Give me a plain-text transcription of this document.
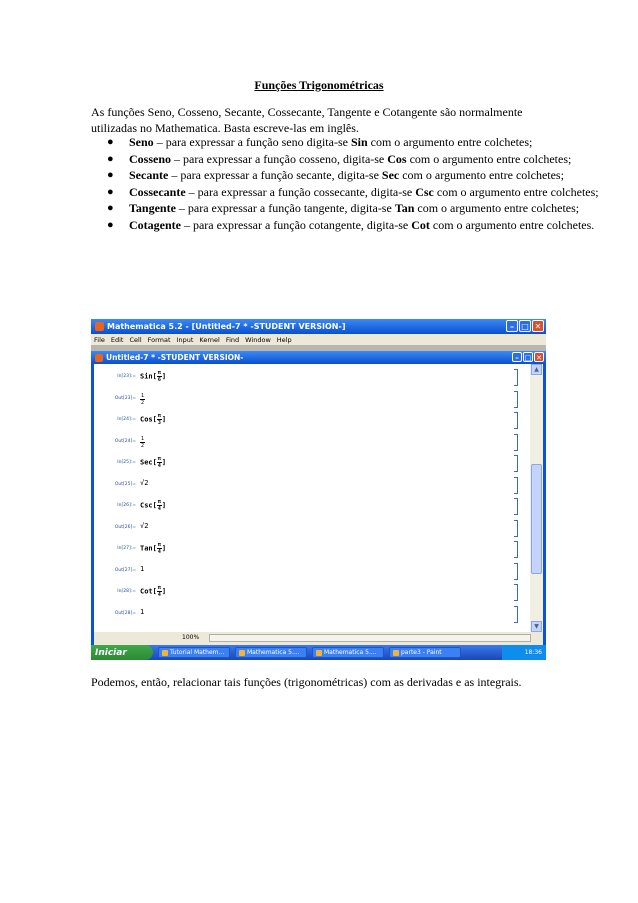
Funções Trigonométricas

As funções Seno, Cosseno, Secante, Cossecante, Tangente e Cotangente são normalmente utilizadas no Mathematica. Basta escreve-las em inglês.

● Seno – para expressar a função seno digita-se Sin com o argumento entre colchetes;
● Cosseno – para expressar a função cosseno, digita-se Cos com o argumento entre colchetes;
● Secante – para expressar a função secante, digita-se Sec com o argumento entre colchetes;
● Cossecante – para expressar a função cossecante, digita-se Csc com o argumento entre colchetes;
● Tangente – para expressar a função tangente, digita-se Tan com o argumento entre colchetes;
● Cotagente – para expressar a função cotangente, digita-se Cot com o argumento entre colchetes.
Mathematica 5.2 - [Untitled-7 * -STUDENT VERSION-]	– □ ✕
File Edit Cell Format Input Kernel Find Window Help
Untitled-7 * -STUDENT VERSION-	– □ ✕
In[23]:= $Sin[ \frac{\pi}{6}$ ]
$Out[23]= \frac{1}{2}$
In[24]:= $Cos[ \frac{\pi}{3}$ ]
$Out[24]= \frac{1}{2}$
In[25]:= $Sec[ \frac{\pi}{4}$ ]
Out[25]= √2
In[26]:= $Csc[ \frac{\pi}{4}$ ]
Out[26]= √2
In[27]:= $Tan[ \frac{\pi}{4}$ ]
Out[27]= 1
In[28]:= $Cot[ \frac{\pi}{4}$ ]
Out[28]= 1
▲
▼
100%
Iniciar	Tutorial Mathem...	Mathematica 5....	Mathematica 5....	parte3 - Paint	18:36

Podemos, então, relacionar tais funções (trigonométricas) com as derivadas e as integrais.
